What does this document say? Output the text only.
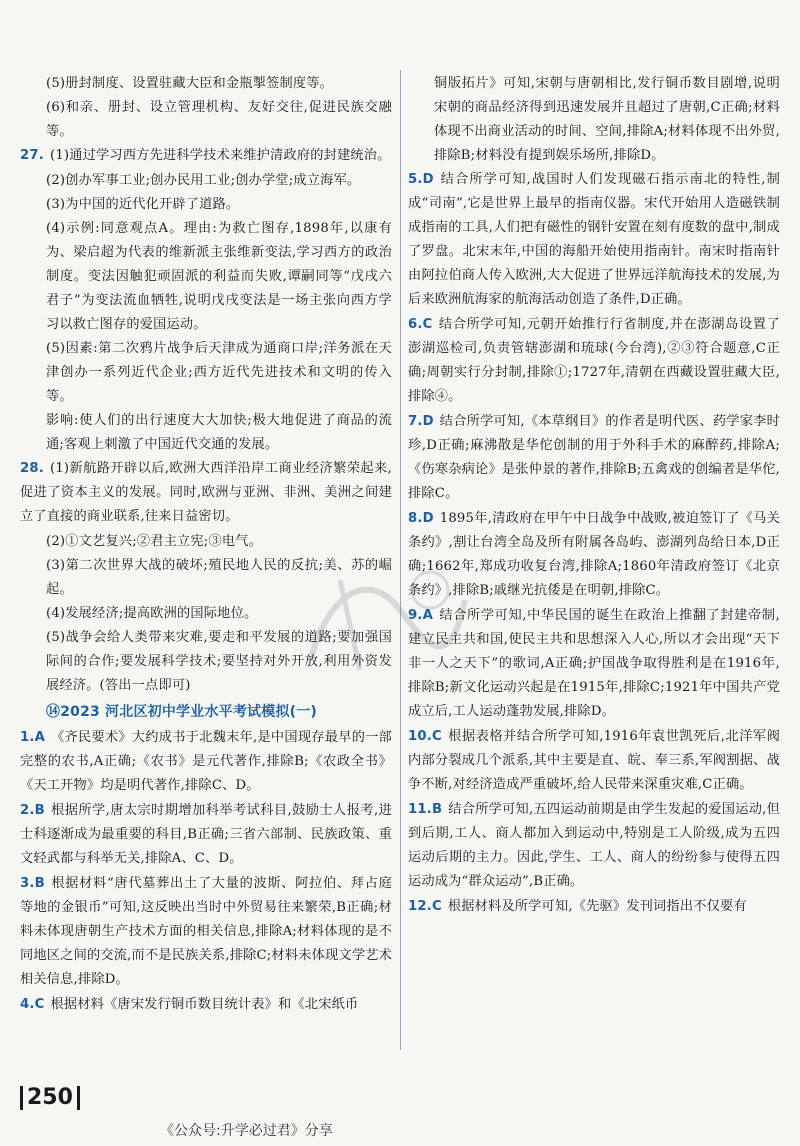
(5)册封制度、设置驻藏大臣和金瓶掣签制度等。
(6)和亲、册封、设立管理机构、友好交往,促进民族交融等。
27. (1)通过学习西方先进科学技术来维护清政府的封建统治。
(2)创办军事工业;创办民用工业;创办学堂;成立海军。
(3)为中国的近代化开辟了道路。
(4)示例:同意观点A。理由:为救亡图存,1898年,以康有为、梁启超为代表的维新派主张维新变法,学习西方的政治制度。变法因触犯顽固派的利益而失败,谭嗣同等“戊戌六君子”为变法流血牺牲,说明戊戌变法是一场主张向西方学习以救亡图存的爱国运动。
(5)因素:第二次鸦片战争后天津成为通商口岸;洋务派在天津创办一系列近代企业;西方近代先进技术和文明的传入等。
影响:使人们的出行速度大大加快;极大地促进了商品的流通;客观上刺激了中国近代交通的发展。
28. (1)新航路开辟以后,欧洲大西洋沿岸工商业经济繁荣起来,促进了资本主义的发展。同时,欧洲与亚洲、非洲、美洲之间建立了直接的商业联系,往来日益密切。
(2)①文艺复兴;②君主立宪;③电气。
(3)第二次世界大战的破坏;殖民地人民的反抗;美、苏的崛起。
(4)发展经济;提高欧洲的国际地位。
(5)战争会给人类带来灾难,要走和平发展的道路;要加强国际间的合作;要发展科学技术;要坚持对外开放,利用外资发展经济。(答出一点即可)
⑭2023 河北区初中学业水平考试模拟(一)
1.A 《齐民要术》大约成书于北魏末年,是中国现存最早的一部完整的农书,A正确;《农书》是元代著作,排除B;《农政全书》《天工开物》均是明代著作,排除C、D。
2.B 根据所学,唐太宗时期增加科举考试科目,鼓励士人报考,进士科逐渐成为最重要的科目,B正确;三省六部制、民族政策、重文轻武都与科举无关,排除A、C、D。
3.B 根据材料“唐代墓葬出土了大量的波斯、阿拉伯、拜占庭等地的金银币”可知,这反映出当时中外贸易往来繁荣,B正确;材料未体现唐朝生产技术方面的相关信息,排除A;材料体现的是不同地区之间的交流,而不是民族关系,排除C;材料未体现文学艺术相关信息,排除D。
4.C 根据材料《唐宋发行铜币数目统计表》和《北宋纸币
铜版拓片》可知,宋朝与唐朝相比,发行铜币数目剧增,说明宋朝的商品经济得到迅速发展并且超过了唐朝,C正确;材料体现不出商业活动的时间、空间,排除A;材料体现不出外贸,排除B;材料没有提到娱乐场所,排除D。
5.D 结合所学可知,战国时人们发现磁石指示南北的特性,制成“司南”,它是世界上最早的指南仪器。宋代开始用人造磁铁制成指南的工具,人们把有磁性的钢针安置在刻有度数的盘中,制成了罗盘。北宋末年,中国的海船开始使用指南针。南宋时指南针由阿拉伯商人传入欧洲,大大促进了世界远洋航海技术的发展,为后来欧洲航海家的航海活动创造了条件,D正确。
6.C 结合所学可知,元朝开始推行行省制度,并在澎湖岛设置了澎湖巡检司,负责管辖澎湖和琉球(今台湾),②③符合题意,C正确;周朝实行分封制,排除①;1727年,清朝在西藏设置驻藏大臣,排除④。
7.D 结合所学可知,《本草纲目》的作者是明代医、药学家李时珍,D正确;麻沸散是华佗创制的用于外科手术的麻醉药,排除A;《伤寒杂病论》是张仲景的著作,排除B;五禽戏的创编者是华佗,排除C。
8.D 1895年,清政府在甲午中日战争中战败,被迫签订了《马关条约》,割让台湾全岛及所有附属各岛屿、澎湖列岛给日本,D正确;1662年,郑成功收复台湾,排除A;1860年清政府签订《北京条约》,排除B;戚继光抗倭是在明朝,排除C。
9.A 结合所学可知,中华民国的诞生在政治上推翻了封建帝制,建立民主共和国,使民主共和思想深入人心,所以才会出现“天下非一人之天下”的歌词,A正确;护国战争取得胜利是在1916年,排除B;新文化运动兴起是在1915年,排除C;1921年中国共产党成立后,工人运动蓬勃发展,排除D。
10.C 根据表格并结合所学可知,1916年袁世凯死后,北洋军阀内部分裂成几个派系,其中主要是直、皖、奉三系,军阀割据、战争不断,对经济造成严重破坏,给人民带来深重灾难,C正确。
11.B 结合所学可知,五四运动前期是由学生发起的爱国运动,但到后期,工人、商人都加入到运动中,特别是工人阶级,成为五四运动后期的主力。因此,学生、工人、商人的纷纷参与使得五四运动成为“群众运动”,B正确。
12.C 根据材料及所学可知,《先驱》发刊词指出不仅要有
250
《公众号:升学必过君》分享
